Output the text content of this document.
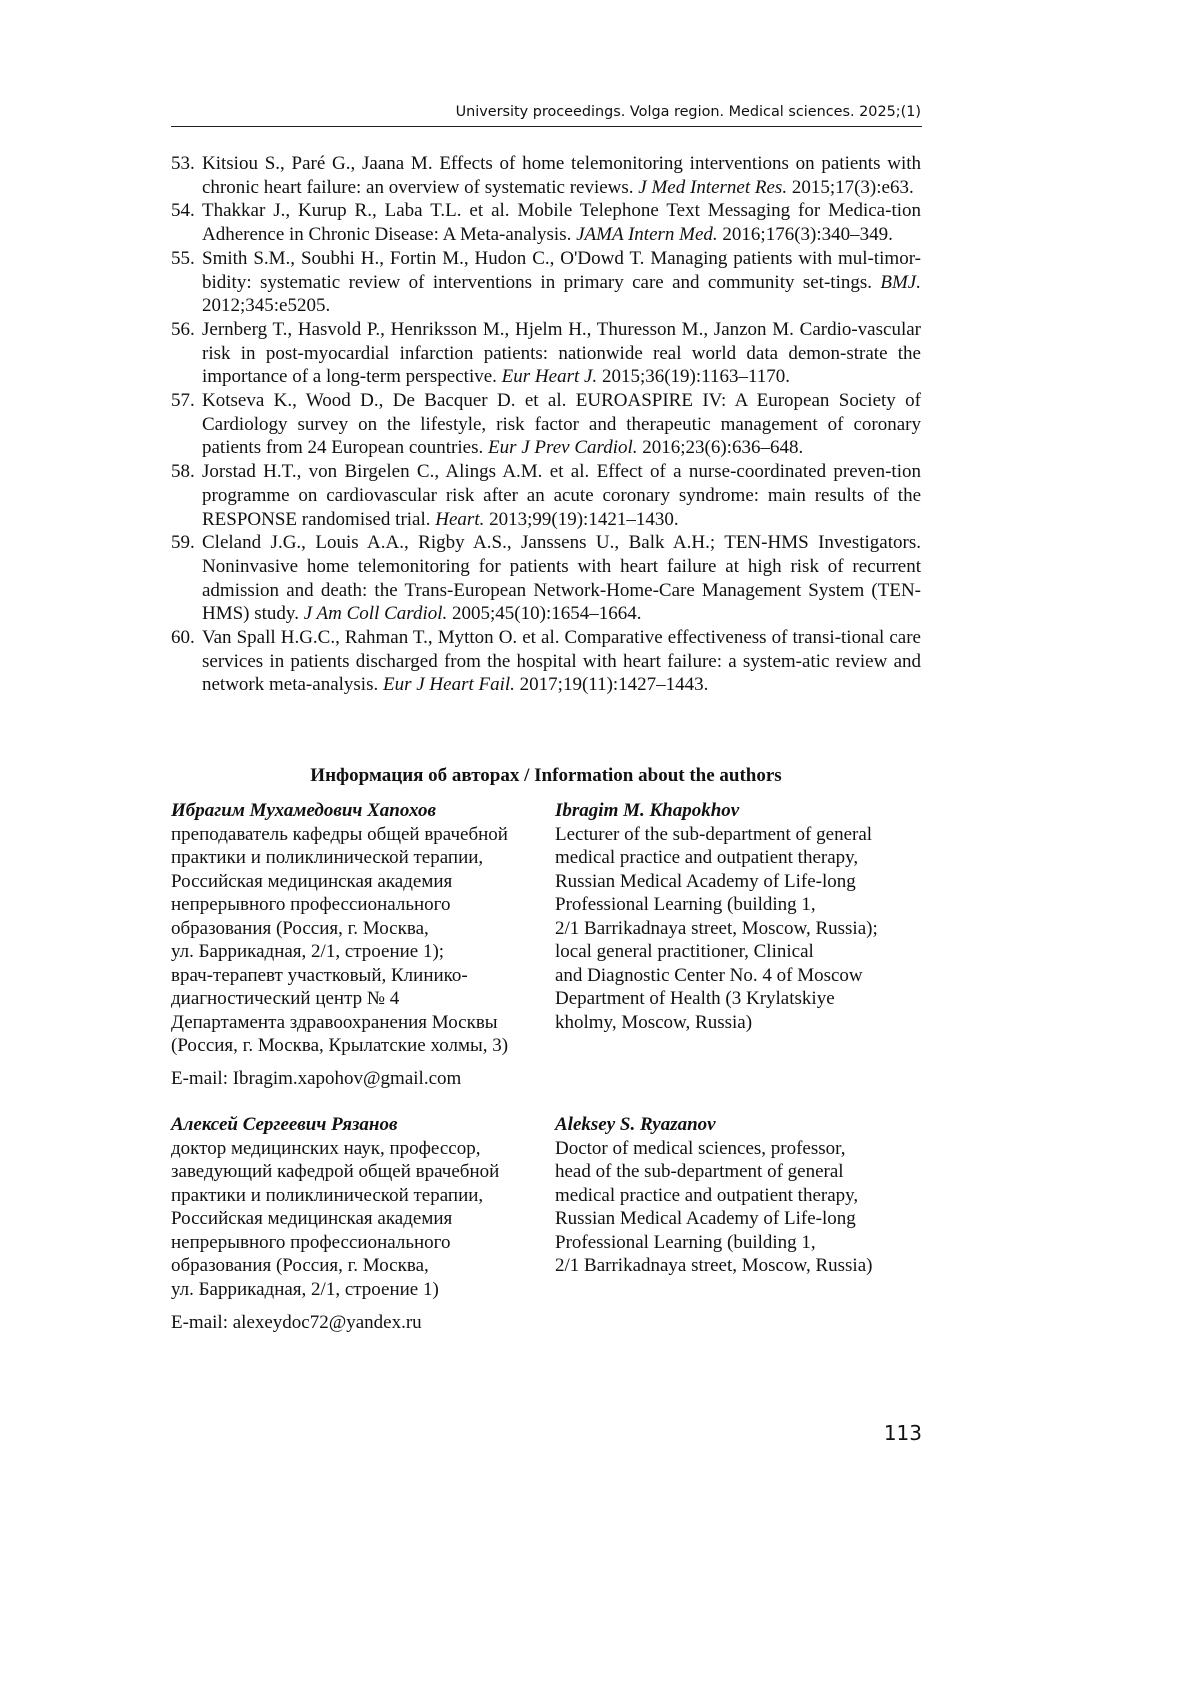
University proceedings. Volga region. Medical sciences. 2025;(1)
53. Kitsiou S., Paré G., Jaana M. Effects of home telemonitoring interventions on patients with chronic heart failure: an overview of systematic reviews. J Med Internet Res. 2015;17(3):e63.
54. Thakkar J., Kurup R., Laba T.L. et al. Mobile Telephone Text Messaging for Medica-tion Adherence in Chronic Disease: A Meta-analysis. JAMA Intern Med. 2016;176(3):340–349.
55. Smith S.M., Soubhi H., Fortin M., Hudon C., O'Dowd T. Managing patients with mul-timor-bidity: systematic review of interventions in primary care and community set-tings. BMJ. 2012;345:e5205.
56. Jernberg T., Hasvold P., Henriksson M., Hjelm H., Thuresson M., Janzon M. Cardio-vascular risk in post-myocardial infarction patients: nationwide real world data demon-strate the importance of a long-term perspective. Eur Heart J. 2015;36(19):1163–1170.
57. Kotseva K., Wood D., De Bacquer D. et al. EUROASPIRE IV: A European Society of Cardiology survey on the lifestyle, risk factor and therapeutic management of coronary patients from 24 European countries. Eur J Prev Cardiol. 2016;23(6):636–648.
58. Jorstad H.T., von Birgelen C., Alings A.M. et al. Effect of a nurse-coordinated preven-tion programme on cardiovascular risk after an acute coronary syndrome: main results of the RESPONSE randomised trial. Heart. 2013;99(19):1421–1430.
59. Cleland J.G., Louis A.A., Rigby A.S., Janssens U., Balk A.H.; TEN-HMS Investigators. Noninvasive home telemonitoring for patients with heart failure at high risk of recurrent admission and death: the Trans-European Network-Home-Care Management System (TEN-HMS) study. J Am Coll Cardiol. 2005;45(10):1654–1664.
60. Van Spall H.G.C., Rahman T., Mytton O. et al. Comparative effectiveness of transi-tional care services in patients discharged from the hospital with heart failure: a system-atic review and network meta-analysis. Eur J Heart Fail. 2017;19(11):1427–1443.
Информация об авторах / Information about the authors
Ибрагим Мухамедович Хапохов
преподаватель кафедры общей врачебной
практики и поликлинической терапии,
Российская медицинская академия
непрерывного профессионального
образования (Россия, г. Москва,
ул. Баррикадная, 2/1, строение 1);
врач-терапевт участковый, Клинико-
диагностический центр № 4
Департамента здравоохранения Москвы
(Россия, г. Москва, Крылатские холмы, 3)
Ibragim M. Khapokhov
Lecturer of the sub-department of general
medical practice and outpatient therapy,
Russian Medical Academy of Life-long
Professional Learning (building 1,
2/1 Barrikadnaya street, Moscow, Russia);
local general practitioner, Clinical
and Diagnostic Center No. 4 of Moscow
Department of Health (3 Krylatskiye
kholmy, Moscow, Russia)
E-mail: Ibragim.xapohov@gmail.com
Алексей Сергеевич Рязанов
доктор медицинских наук, профессор,
заведующий кафедрой общей врачебной
практики и поликлинической терапии,
Российская медицинская академия
непрерывного профессионального
образования (Россия, г. Москва,
ул. Баррикадная, 2/1, строение 1)
Aleksey S. Ryazanov
Doctor of medical sciences, professor,
head of the sub-department of general
medical practice and outpatient therapy,
Russian Medical Academy of Life-long
Professional Learning (building 1,
2/1 Barrikadnaya street, Moscow, Russia)
E-mail: alexeydoc72@yandex.ru
113
